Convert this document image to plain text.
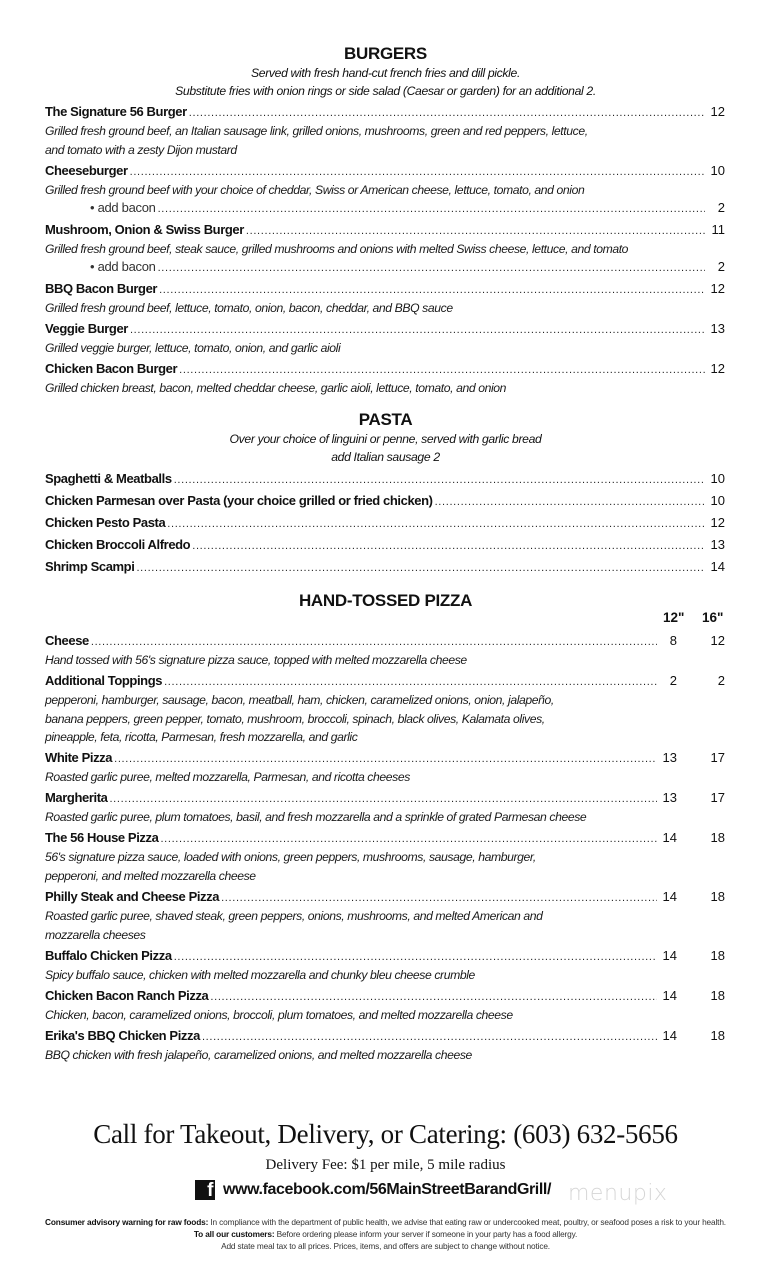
BURGERS
Served with fresh hand-cut french fries and dill pickle.
Substitute fries with onion rings or side salad (Caesar or garden) for an additional 2.
The Signature 56 Burger . . .	12
Grilled fresh ground beef, an Italian sausage link, grilled onions, mushrooms, green and red peppers, lettuce,
and tomato with a zesty Dijon mustard
Cheeseburger . . .	10
Grilled fresh ground beef with your choice of cheddar, Swiss or American cheese, lettuce, tomato, and onion
• add bacon . . .	2
Mushroom, Onion & Swiss Burger . . .	11
Grilled fresh ground beef, steak sauce, grilled mushrooms and onions with melted Swiss cheese, lettuce, and tomato
• add bacon . . .	2
BBQ Bacon Burger . . .	12
Grilled fresh ground beef, lettuce, tomato, onion, bacon, cheddar, and BBQ sauce
Veggie Burger . . .	13
Grilled veggie burger, lettuce, tomato, onion, and garlic aioli
Chicken Bacon Burger . . .	12
Grilled chicken breast, bacon, melted cheddar cheese, garlic aioli, lettuce, tomato, and onion
PASTA
Over your choice of linguini or penne, served with garlic bread
add Italian sausage 2
Spaghetti & Meatballs . . .	10
Chicken Parmesan over Pasta (your choice grilled or fried chicken) . . .	10
Chicken Pesto Pasta . . .	12
Chicken Broccoli Alfredo . . .	13
Shrimp Scampi . . .	14
HAND-TOSSED PIZZA
12" 16"
Cheese . . .	8	12
Hand tossed with 56's signature pizza sauce, topped with melted mozzarella cheese
Additional Toppings . . .	2	2
pepperoni, hamburger, sausage, bacon, meatball, ham, chicken, caramelized onions, onion, jalapeño,
banana peppers, green pepper, tomato, mushroom, broccoli, spinach, black olives, Kalamata olives,
pineapple, feta, ricotta, Parmesan, fresh mozzarella, and garlic
White Pizza . . .	13	17
Roasted garlic puree, melted mozzarella, Parmesan, and ricotta cheeses
Margherita . . .	13	17
Roasted garlic puree, plum tomatoes, basil, and fresh mozzarella and a sprinkle of grated Parmesan cheese
The 56 House Pizza . . .	14	18
56's signature pizza sauce, loaded with onions, green peppers, mushrooms, sausage, hamburger,
pepperoni, and melted mozzarella cheese
Philly Steak and Cheese Pizza . . .	14	18
Roasted garlic puree, shaved steak, green peppers, onions, mushrooms, and melted American and
mozzarella cheeses
Buffalo Chicken Pizza . . .	14	18
Spicy buffalo sauce, chicken with melted mozzarella and chunky bleu cheese crumble
Chicken Bacon Ranch Pizza . . .	14	18
Chicken, bacon, caramelized onions, broccoli, plum tomatoes, and melted mozzarella cheese
Erika's BBQ Chicken Pizza . . .	14	18
BBQ chicken with fresh jalapeño, caramelized onions, and melted mozzarella cheese
Call for Takeout, Delivery, or Catering: (603) 632-5656
Delivery Fee: $1 per mile, 5 mile radius
f www.facebook.com/56MainStreetBarandGrill/ menupix
Consumer advisory warning for raw foods: In compliance with the department of public health, we advise that eating raw or undercooked meat, poultry, or seafood poses a risk to your health.
To all our customers: Before ordering please inform your server if someone in your party has a food allergy.
Add state meal tax to all prices. Prices, items, and offers are subject to change without notice.
